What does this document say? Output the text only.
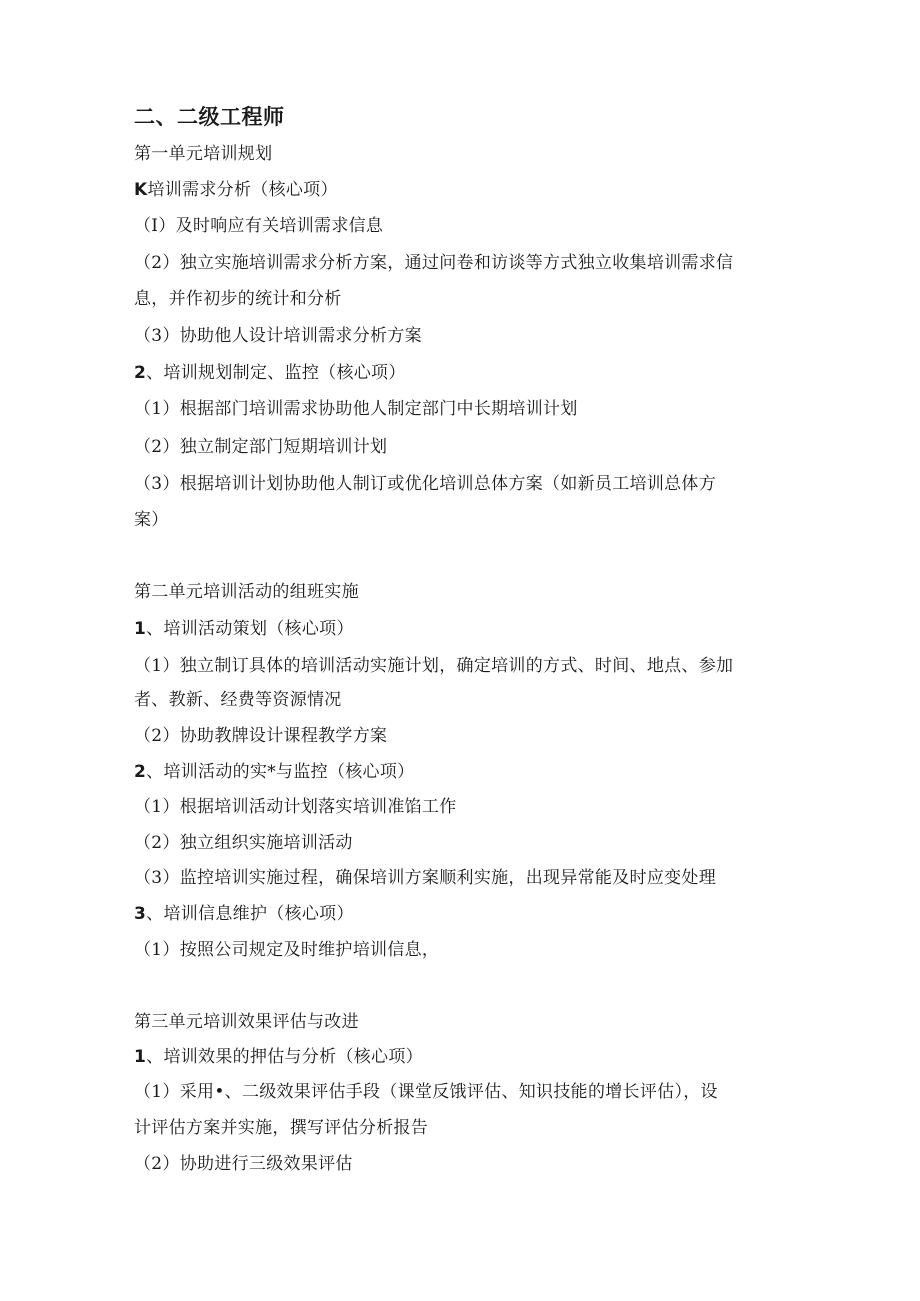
二、二级工程师
第一单元培训规划
K培训需求分析（核心项）
（I）及时响应有关培训需求信息
（2）独立实施培训需求分析方案，通过问卷和访谈等方式独立收集培训需求信
息，并作初步的统计和分析
（3）协助他人设计培训需求分析方案
2、培训规划制定、监控（核心项）
（1）根据部门培训需求协助他人制定部门中长期培训计划
（2）独立制定部门短期培训计划
（3）根据培训计划协助他人制订或优化培训总体方案（如新员工培训总体方
案）
第二单元培训活动的组班实施
1、培训活动策划（核心项）
（1）独立制订具体的培训活动实施计划，确定培训的方式、时间、地点、参加
者、教新、经费等资源情况
（2）协助教牌设计课程教学方案
2、培训活动的实*与监控（核心项）
（1）根据培训活动计划落实培训准馅工作
（2）独立组织实施培训活动
（3）监控培训实施过程，确保培训方案顺利实施，出现异常能及时应变处理
3、培训信息维护（核心项）
（1）按照公司规定及时维护培训信息，
第三单元培训效果评估与改进
1、培训效果的押估与分析（核心项）
（1）采用•、二级效果评估手段（课堂反饿评估、知识技能的增长评估），设
计评估方案并实施，撰写评估分析报告
（2）协助进行三级效果评估
